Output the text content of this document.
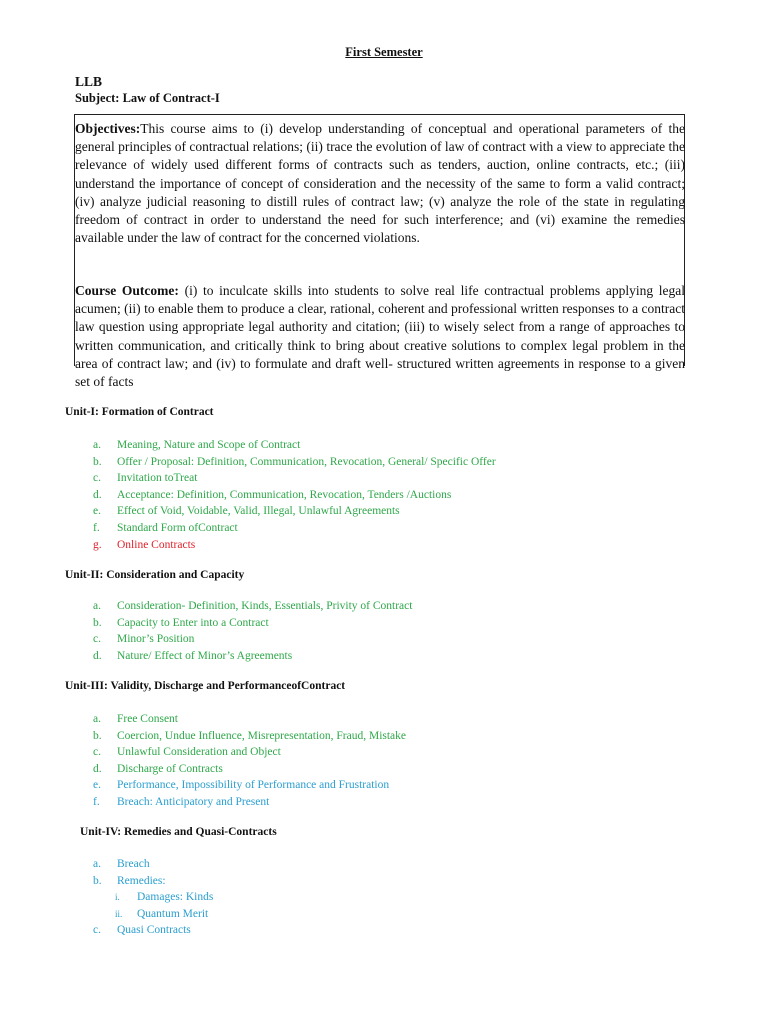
First Semester
LLB
Subject: Law of Contract-I
Objectives:This course aims to (i) develop understanding of conceptual and operational parameters of the general principles of contractual relations; (ii) trace the evolution of law of contract with a view to appreciate the relevance of widely used different forms of contracts such as tenders, auction, online contracts, etc.; (iii) understand the importance of concept of consideration and the necessity of the same to form a valid contract; (iv) analyze judicial reasoning to distill rules of contract law; (v) analyze the role of the state in regulating freedom of contract in order to understand the need for such interference; and (vi) examine the remedies available under the law of contract for the concerned violations.
Course Outcome: (i) to inculcate skills into students to solve real life contractual problems applying legal acumen; (ii) to enable them to produce a clear, rational, coherent and professional written responses to a contract law question using appropriate legal authority and citation; (iii) to wisely select from a range of approaches to written communication, and critically think to bring about creative solutions to complex legal problem in the area of contract law; and (iv) to formulate and draft well- structured written agreements in response to a given set of facts
Unit-I: Formation of Contract
a. Meaning, Nature and Scope of Contract
b. Offer / Proposal: Definition, Communication, Revocation, General/ Specific Offer
c. Invitation toTreat
d. Acceptance: Definition, Communication, Revocation, Tenders /Auctions
e. Effect of Void, Voidable, Valid, Illegal, Unlawful Agreements
f. Standard Form ofContract
g. Online Contracts
Unit-II: Consideration and Capacity
a. Consideration- Definition, Kinds, Essentials, Privity of Contract
b. Capacity to Enter into a Contract
c. Minor’s Position
d. Nature/ Effect of Minor’s Agreements
Unit-III: Validity, Discharge and PerformanceofContract
a. Free Consent
b. Coercion, Undue Influence, Misrepresentation, Fraud, Mistake
c. Unlawful Consideration and Object
d. Discharge of Contracts
e. Performance, Impossibility of Performance and Frustration
f. Breach: Anticipatory and Present
Unit-IV: Remedies and Quasi-Contracts
a. Breach
b. Remedies:
i. Damages: Kinds
ii. Quantum Merit
c. Quasi Contracts
